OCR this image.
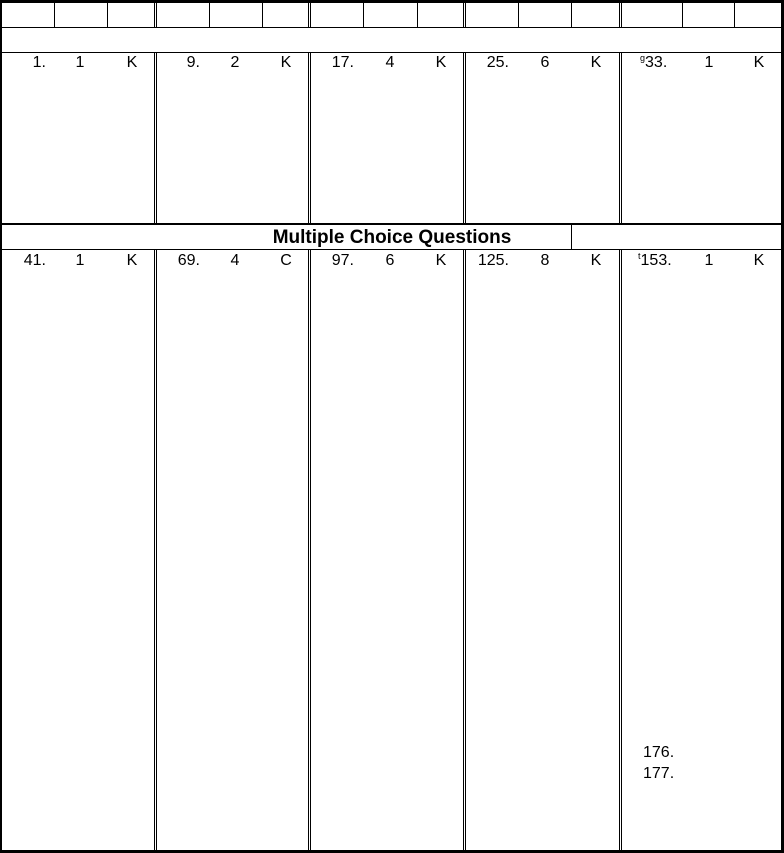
1.	1	K	9.	2	K	17.	4	K	25.	6	K	$^g$33.	1	K
Multiple Choice Questions
41.	1	K	69.	4	C	97.	6	K	125.	8	K	$^t$153.	1	K
176.
177.
